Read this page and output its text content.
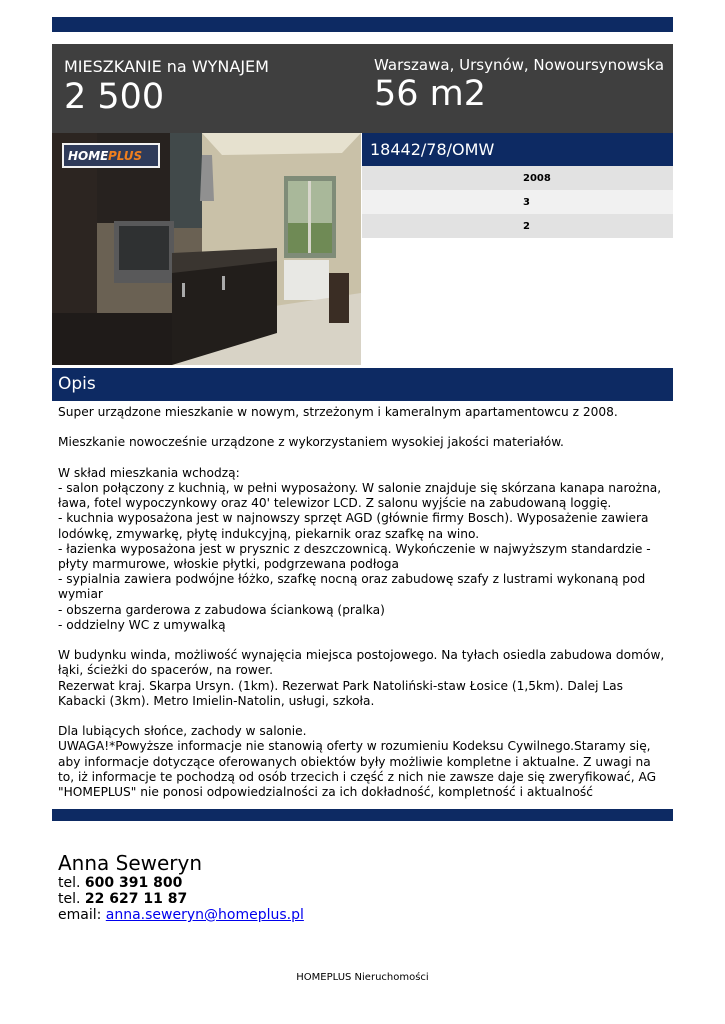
MIESZKANIE na WYNAJEM
2 500
Warszawa, Ursynów, Nowoursynowska
56 m2
HOME PLUS	18442/78/OMW
2008
3
2
Opis
Super urządzone mieszkanie w nowym, strzeżonym i kameralnym apartamentowcu z 2008.

Mieszkanie nowocześnie urządzone z wykorzystaniem wysokiej jakości materiałów.

W skład mieszkania wchodzą:
- salon połączony z kuchnią, w pełni wyposażony. W salonie znajduje się skórzana kanapa narożna, ława, fotel wypoczynkowy oraz 40' telewizor LCD. Z salonu wyjście na zabudowaną loggię.
- kuchnia wyposażona jest w najnowszy sprzęt AGD (głównie firmy Bosch). Wyposażenie zawiera lodówkę, zmywarkę, płytę indukcyjną, piekarnik oraz szafkę na wino.
- łazienka wyposażona jest w prysznic z deszczownicą. Wykończenie w najwyższym standardzie - płyty marmurowe, włoskie płytki, podgrzewana podłoga
- sypialnia zawiera podwójne łóżko, szafkę nocną oraz zabudowę szafy z lustrami wykonaną pod wymiar
- obszerna garderowa z zabudowa ściankową (pralka)
- oddzielny WC z umywalką

W budynku winda, możliwość wynajęcia miejsca postojowego. Na tyłach osiedla zabudowa domów, łąki, ścieżki do spacerów, na rower.
Rezerwat kraj. Skarpa Ursyn. (1km). Rezerwat Park Natoliński-staw Łosice (1,5km). Dalej Las Kabacki (3km). Metro Imielin-Natolin, usługi, szkoła.

Dla lubiących słońce, zachody w salonie.
UWAGA!*Powyższe informacje nie stanowią oferty w rozumieniu Kodeksu Cywilnego.Staramy się, aby informacje dotyczące oferowanych obiektów były możliwie kompletne i aktualne. Z uwagi na to, iż informacje te pochodzą od osób trzecich i część z nich nie zawsze daje się zweryfikować, AG "HOMEPLUS" nie ponosi odpowiedzialności za ich dokładność, kompletność i aktualność
Anna Seweryn
tel. 600 391 800
tel. 22 627 11 87
email: anna.seweryn@homeplus.pl
HOMEPLUS Nieruchomości
